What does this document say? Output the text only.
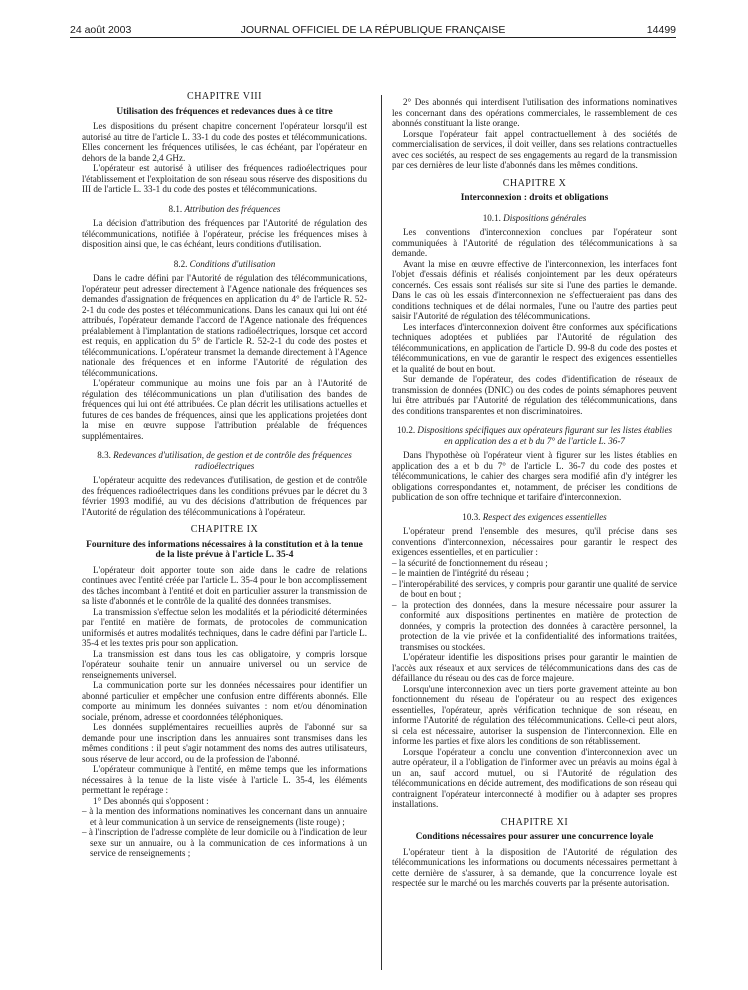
24 août 2003	JOURNAL OFFICIEL DE LA RÉPUBLIQUE FRANÇAISE	14499
CHAPITRE VIII
Utilisation des fréquences et redevances dues à ce titre

Les dispositions du présent chapitre concernent l'opérateur lorsqu'il est autorisé au titre de l'article L. 33-1 du code des postes et télécommunications. Elles concernent les fréquences utilisées, le cas échéant, par l'opérateur en dehors de la bande 2,4 GHz.

L'opérateur est autorisé à utiliser des fréquences radioélectriques pour l'établissement et l'exploitation de son réseau sous réserve des dispositions du III de l'article L. 33-1 du code des postes et télécommunications.

8.1. Attribution des fréquences

La décision d'attribution des fréquences par l'Autorité de régulation des télécommunications, notifiée à l'opérateur, précise les fréquences mises à disposition ainsi que, le cas échéant, leurs conditions d'utilisation.

8.2. Conditions d'utilisation

Dans le cadre défini par l'Autorité de régulation des télécommunications, l'opérateur peut adresser directement à l'Agence nationale des fréquences ses demandes d'assignation de fréquences en application du 4° de l'article R. 52-2-1 du code des postes et télécommunications. Dans les canaux qui lui ont été attribués, l'opérateur demande l'accord de l'Agence nationale des fréquences préalablement à l'implantation de stations radioélectriques, lorsque cet accord est requis, en application du 5° de l'article R. 52-2-1 du code des postes et télécommunications. L'opérateur transmet la demande directement à l'Agence nationale des fréquences et en informe l'Autorité de régulation des télécommunications.

L'opérateur communique au moins une fois par an à l'Autorité de régulation des télécommunications un plan d'utilisation des bandes de fréquences qui lui ont été attribuées. Ce plan décrit les utilisations actuelles et futures de ces bandes de fréquences, ainsi que les applications projetées dont la mise en œuvre suppose l'attribution préalable de fréquences supplémentaires.

8.3. Redevances d'utilisation, de gestion et de contrôle des fréquences radioélectriques

L'opérateur acquitte des redevances d'utilisation, de gestion et de contrôle des fréquences radioélectriques dans les conditions prévues par le décret du 3 février 1993 modifié, au vu des décisions d'attribution de fréquences par l'Autorité de régulation des télécommunications à l'opérateur.

CHAPITRE IX
Fourniture des informations nécessaires à la constitution et à la tenue de la liste prévue à l'article L. 35-4

L'opérateur doit apporter toute son aide dans le cadre de relations continues avec l'entité créée par l'article L. 35-4 pour le bon accomplissement des tâches incombant à l'entité et doit en particulier assurer la transmission de sa liste d'abonnés et le contrôle de la qualité des données transmises.

La transmission s'effectue selon les modalités et la périodicité déterminées par l'entité en matière de formats, de protocoles de communication uniformisés et autres modalités techniques, dans le cadre défini par l'article L. 35-4 et les textes pris pour son application.

La transmission est dans tous les cas obligatoire, y compris lorsque l'opérateur souhaite tenir un annuaire universel ou un service de renseignements universel.

La communication porte sur les données nécessaires pour identifier un abonné particulier et empêcher une confusion entre différents abonnés. Elle comporte au minimum les données suivantes : nom et/ou dénomination sociale, prénom, adresse et coordonnées téléphoniques.

Les données supplémentaires recueillies auprès de l'abonné sur sa demande pour une inscription dans les annuaires sont transmises dans les mêmes conditions : il peut s'agir notamment des noms des autres utilisateurs, sous réserve de leur accord, ou de la profession de l'abonné.

L'opérateur communique à l'entité, en même temps que les informations nécessaires à la tenue de la liste visée à l'article L. 35-4, les éléments permettant le repérage :

1° Des abonnés qui s'opposent :

– à la mention des informations nominatives les concernant dans un annuaire et à leur communication à un service de renseignements (liste rouge) ;

– à l'inscription de l'adresse complète de leur domicile ou à l'indication de leur sexe sur un annuaire, ou à la communication de ces informations à un service de renseignements ;

2° Des abonnés qui interdisent l'utilisation des informations nominatives les concernant dans des opérations commerciales, le rassemblement de ces abonnés constituant la liste orange.

Lorsque l'opérateur fait appel contractuellement à des sociétés de commercialisation de services, il doit veiller, dans ses relations contractuelles avec ces sociétés, au respect de ses engagements au regard de la transmission par ces dernières de leur liste d'abonnés dans les mêmes conditions.

CHAPITRE X
Interconnexion : droits et obligations
10.1. Dispositions générales

Les conventions d'interconnexion conclues par l'opérateur sont communiquées à l'Autorité de régulation des télécommunications à sa demande.

Avant la mise en œuvre effective de l'interconnexion, les interfaces font l'objet d'essais définis et réalisés conjointement par les deux opérateurs concernés. Ces essais sont réalisés sur site si l'une des parties le demande. Dans le cas où les essais d'interconnexion ne s'effectueraient pas dans des conditions techniques et de délai normales, l'une ou l'autre des parties peut saisir l'Autorité de régulation des télécommunications.

Les interfaces d'interconnexion doivent être conformes aux spécifications techniques adoptées et publiées par l'Autorité de régulation des télécommunications, en application de l'article D. 99-8 du code des postes et télécommunications, en vue de garantir le respect des exigences essentielles et la qualité de bout en bout.

Sur demande de l'opérateur, des codes d'identification de réseaux de transmission de données (DNIC) ou des codes de points sémaphores peuvent lui être attribués par l'Autorité de régulation des télécommunications, dans des conditions transparentes et non discriminatoires.

10.2. Dispositions spécifiques aux opérateurs figurant sur les listes établies en application des a et b du 7° de l'article L. 36-7

Dans l'hypothèse où l'opérateur vient à figurer sur les listes établies en application des a et b du 7° de l'article L. 36-7 du code des postes et télécommunications, le cahier des charges sera modifié afin d'y intégrer les obligations correspondantes et, notamment, de préciser les conditions de publication de son offre technique et tarifaire d'interconnexion.

10.3. Respect des exigences essentielles

L'opérateur prend l'ensemble des mesures, qu'il précise dans ses conventions d'interconnexion, nécessaires pour garantir le respect des exigences essentielles, et en particulier :

– la sécurité de fonctionnement du réseau ;

– le maintien de l'intégrité du réseau ;

– l'interopérabilité des services, y compris pour garantir une qualité de service de bout en bout ;

– la protection des données, dans la mesure nécessaire pour assurer la conformité aux dispositions pertinentes en matière de protection de données, y compris la protection des données à caractère personnel, la protection de la vie privée et la confidentialité des informations traitées, transmises ou stockées.

L'opérateur identifie les dispositions prises pour garantir le maintien de l'accès aux réseaux et aux services de télécommunications dans des cas de défaillance du réseau ou des cas de force majeure.

Lorsqu'une interconnexion avec un tiers porte gravement atteinte au bon fonctionnement du réseau de l'opérateur ou au respect des exigences essentielles, l'opérateur, après vérification technique de son réseau, en informe l'Autorité de régulation des télécommunications. Celle-ci peut alors, si cela est nécessaire, autoriser la suspension de l'interconnexion. Elle en informe les parties et fixe alors les conditions de son rétablissement.

Lorsque l'opérateur a conclu une convention d'interconnexion avec un autre opérateur, il a l'obligation de l'informer avec un préavis au moins égal à un an, sauf accord mutuel, ou si l'Autorité de régulation des télécommunications en décide autrement, des modifications de son réseau qui contraignent l'opérateur interconnecté à modifier ou à adapter ses propres installations.

CHAPITRE XI
Conditions nécessaires pour assurer une concurrence loyale

L'opérateur tient à la disposition de l'Autorité de régulation des télécommunications les informations ou documents nécessaires permettant à cette dernière de s'assurer, à sa demande, que la concurrence loyale est respectée sur le marché ou les marchés couverts par la présente autorisation.
